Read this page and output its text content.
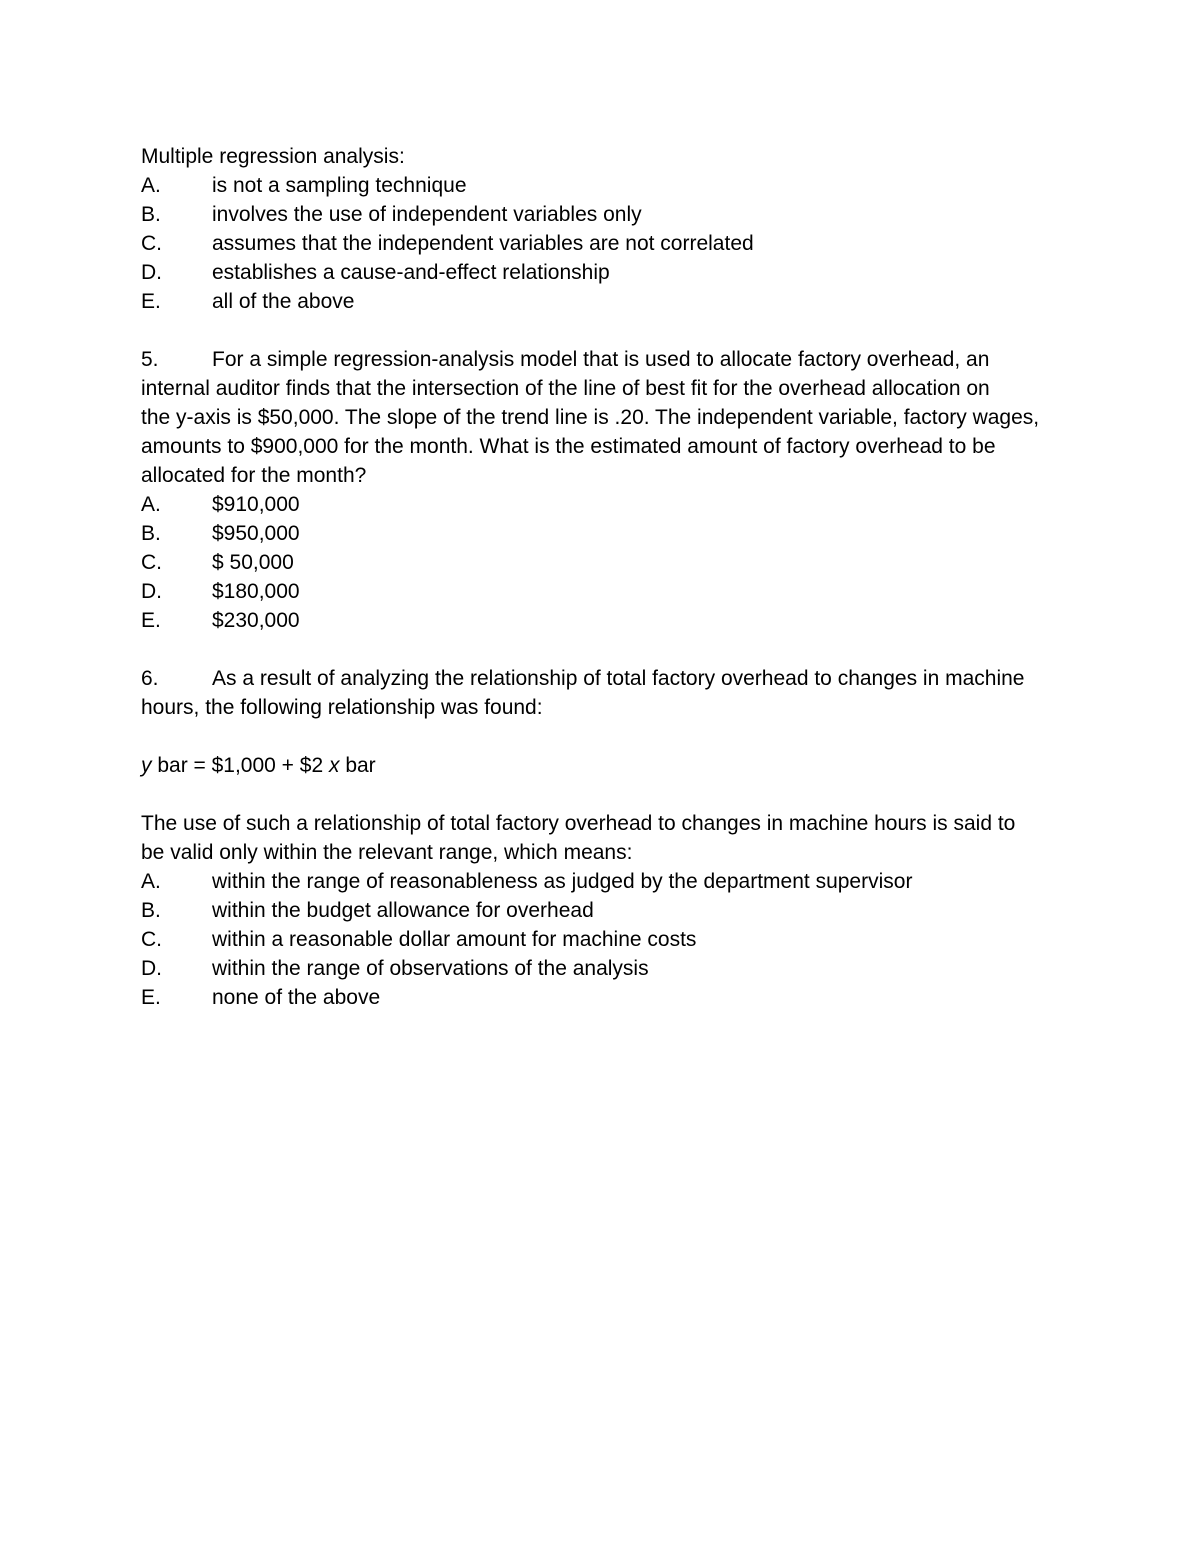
Multiple regression analysis:
A.	is not a sampling technique
B.	involves the use of independent variables only
C.	assumes that the independent variables are not correlated
D.	establishes a cause-and-effect relationship
E.	all of the above
5.	For a simple regression-analysis model that is used to allocate factory overhead, an
internal auditor finds that the intersection of the line of best fit for the overhead allocation on
the y-axis is $50,000. The slope of the trend line is .20. The independent variable, factory wages,
amounts to $900,000 for the month. What is the estimated amount of factory overhead to be
allocated for the month?
A.	$910,000
B.	$950,000
C.	$ 50,000
D.	$180,000
E.	$230,000
6.	As a result of analyzing the relationship of total factory overhead to changes in machine
hours, the following relationship was found:
y bar = $1,000 + $2 x bar
The use of such a relationship of total factory overhead to changes in machine hours is said to
be valid only within the relevant range, which means:
A.	within the range of reasonableness as judged by the department supervisor
B.	within the budget allowance for overhead
C.	within a reasonable dollar amount for machine costs
D.	within the range of observations of the analysis
E.	none of the above
